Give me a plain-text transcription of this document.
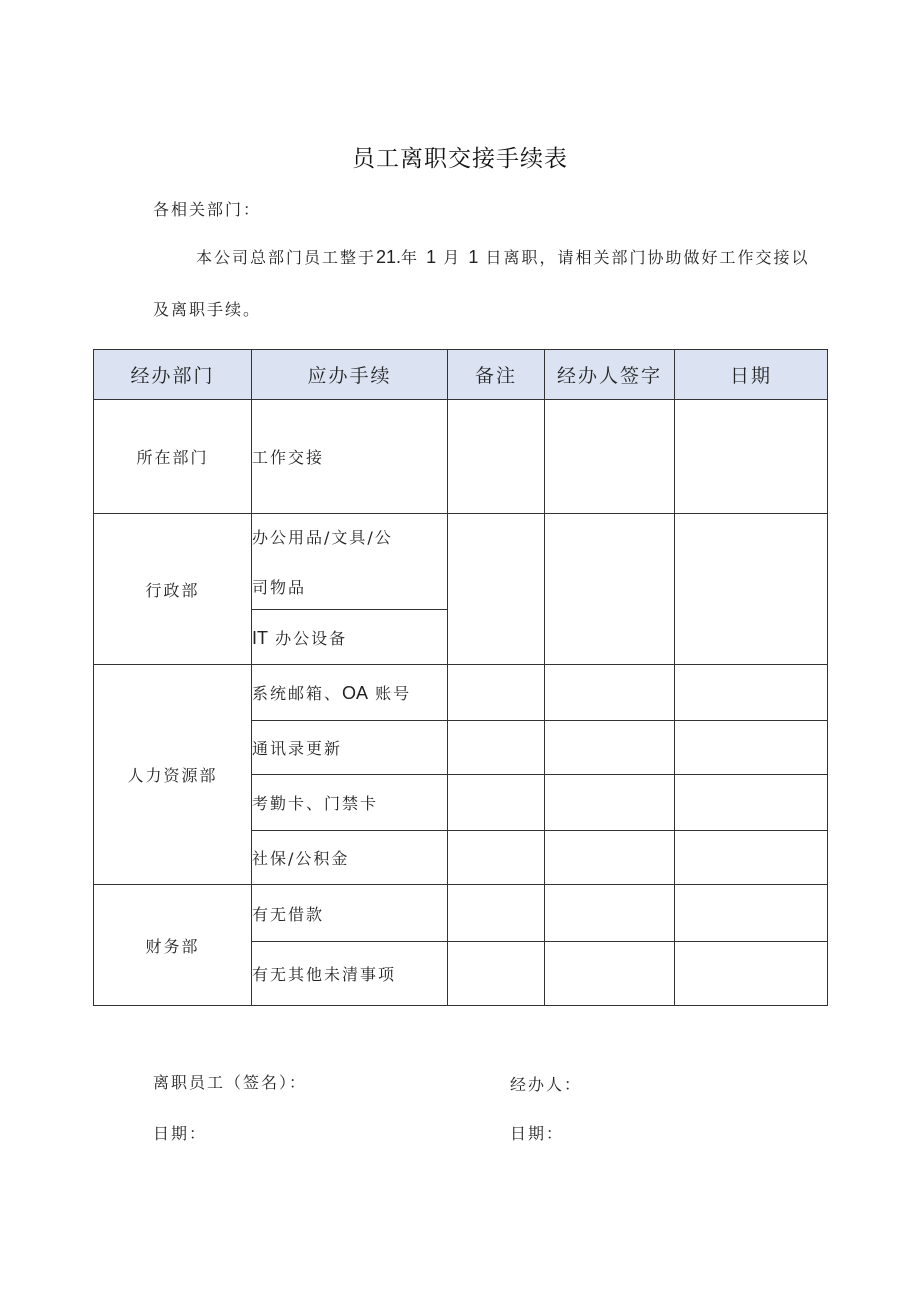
员工离职交接手续表
各相关部门：
本公司总部门员工整于21.年 1 月 1 日离职，请相关部门协助做好工作交接以
及离职手续。
经办部门	应办手续	备注	经办人签字	日期
所在部门	工作交接			
行政部	办公用品/文具/公
司物品			

	IT 办公设备			
人力资源部	系统邮箱、OA 账号			
	通讯录更新			
	考勤卡、门禁卡			
	社保/公积金			
财务部	有无借款			
	有无其他未清事项			
离职员工（签名）：	经办人：
日期：	日期：
